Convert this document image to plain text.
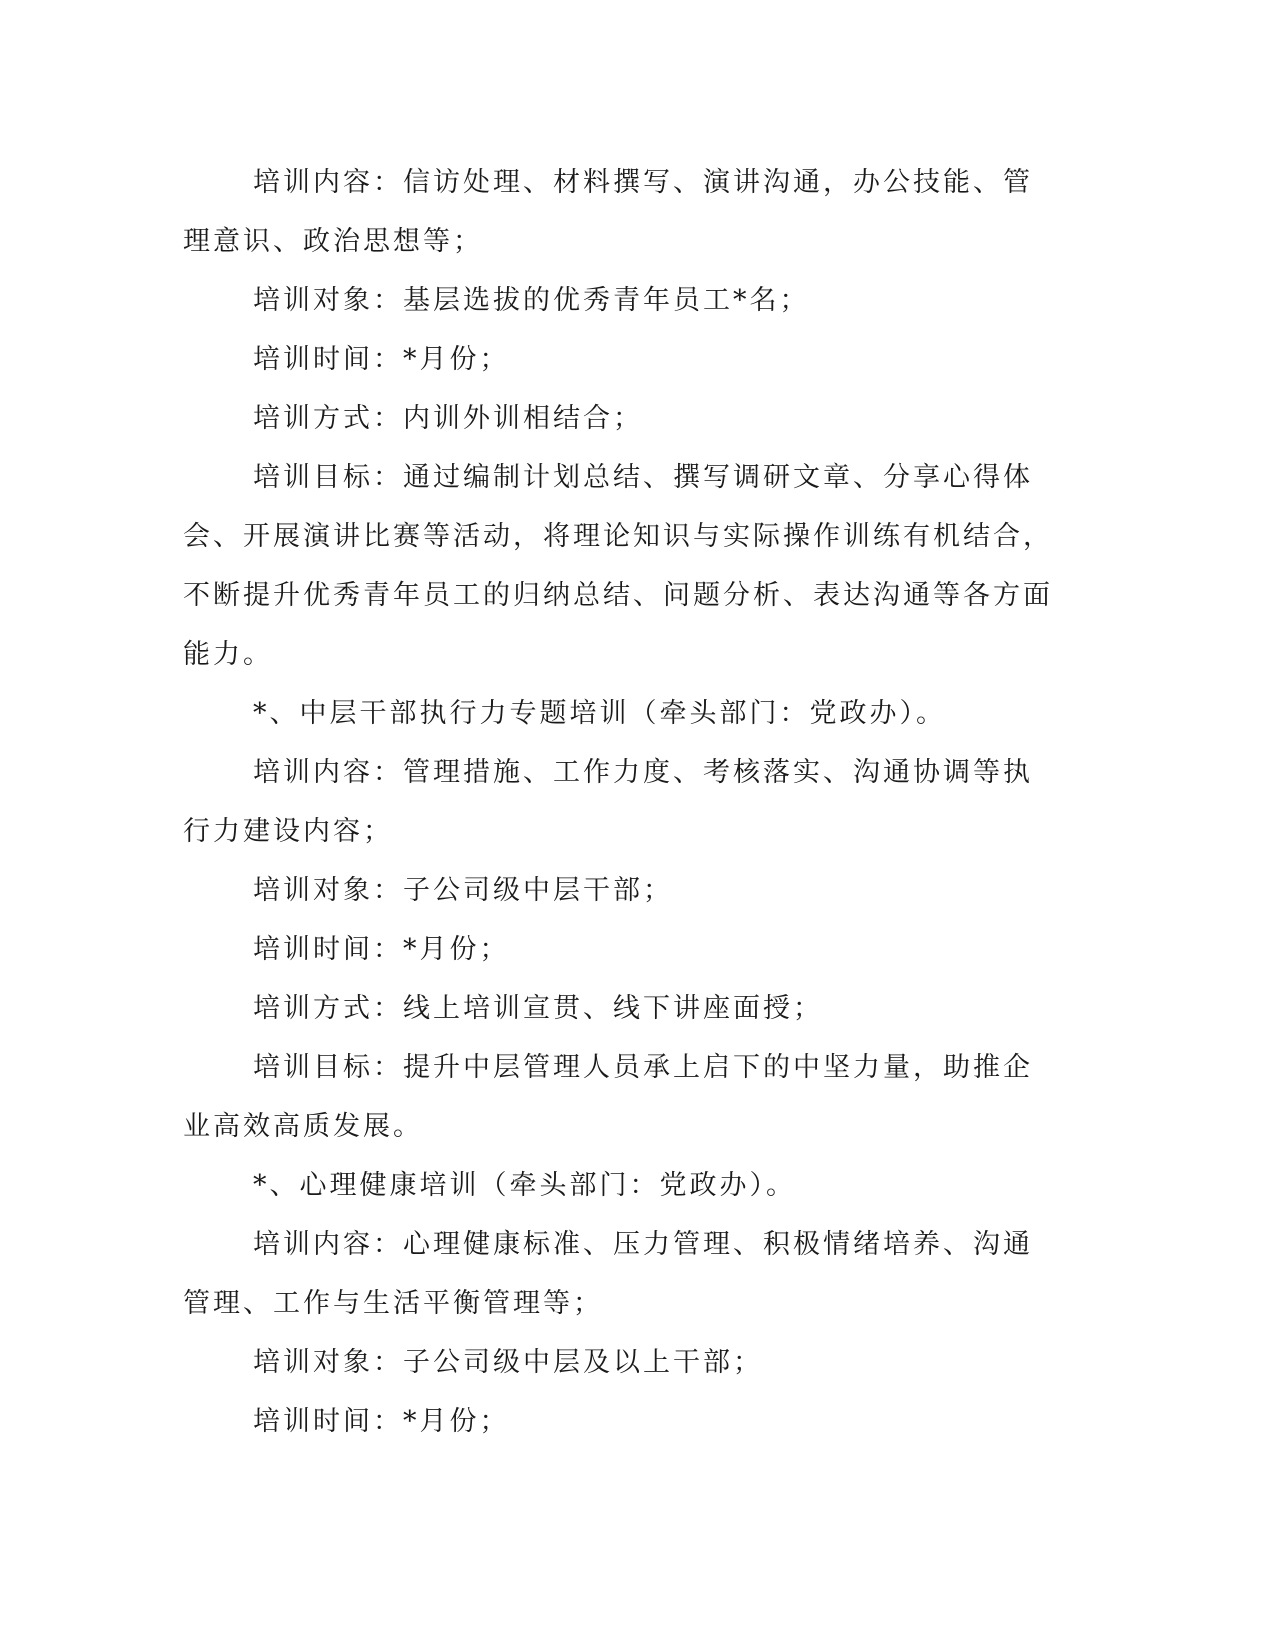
培训内容：信访处理、材料撰写、演讲沟通，办公技能、管理意识、政治思想等；

培训对象：基层选拔的优秀青年员工*名；

培训时间：*月份；

培训方式：内训外训相结合；

培训目标：通过编制计划总结、撰写调研文章、分享心得体会、开展演讲比赛等活动，将理论知识与实际操作训练有机结合，不断提升优秀青年员工的归纳总结、问题分析、表达沟通等各方面能力。

*、中层干部执行力专题培训（牵头部门：党政办）。

培训内容：管理措施、工作力度、考核落实、沟通协调等执行力建设内容；

培训对象：子公司级中层干部；

培训时间：*月份；

培训方式：线上培训宣贯、线下讲座面授；

培训目标：提升中层管理人员承上启下的中坚力量，助推企业高效高质发展。

*、心理健康培训（牵头部门：党政办）。

培训内容：心理健康标准、压力管理、积极情绪培养、沟通管理、工作与生活平衡管理等；

培训对象：子公司级中层及以上干部；

培训时间：*月份；
